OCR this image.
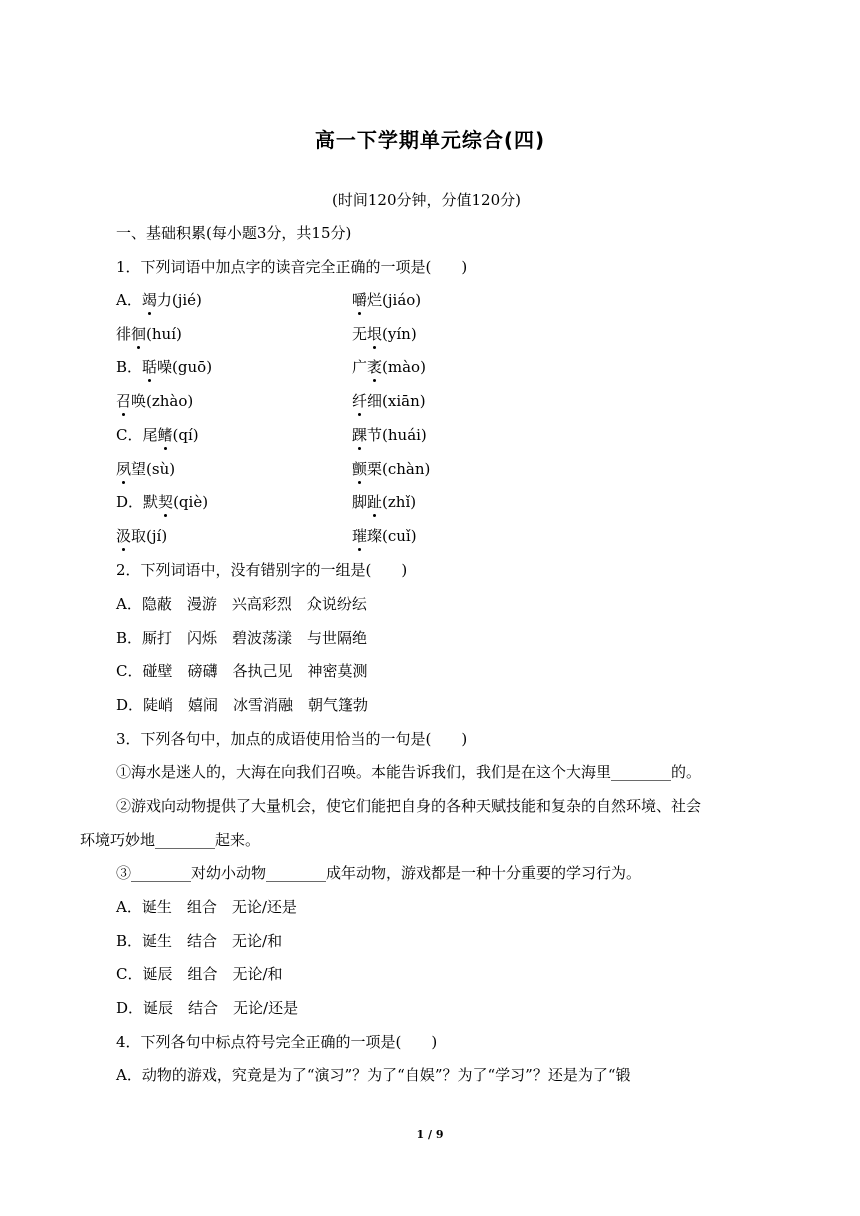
高一下学期单元综合(四)
(时间120分钟，分值120分)
一、基础积累(每小题3分，共15分)
1．下列词语中加点字的读音完全正确的一项是(　　)
A．竭力(jié)	嚼烂(jiáo)
徘徊(huí)	无垠(yín)
B．聒噪(guō)	广袤(mào)
召唤(zhào)	纤细(xiān)
C．尾鳍(qí)	踝节(huái)
夙望(sù)	颤栗(chàn)
D．默契(qiè)	脚趾(zhǐ)
汲取(jí)	璀璨(cuǐ)
2．下列词语中，没有错别字的一组是(　　)
A．隐蔽　漫游　兴高彩烈　众说纷纭
B．厮打　闪烁　碧波荡漾　与世隔绝
C．碰壁　磅礴　各执己见　神密莫测
D．陡峭　嬉闹　冰雪消融　朝气篷勃
3．下列各句中，加点的成语使用恰当的一句是(　　)
①海水是迷人的，大海在向我们召唤。本能告诉我们，我们是在这个大海里________的。
②游戏向动物提供了大量机会，使它们能把自身的各种天赋技能和复杂的自然环境、社会
环境巧妙地________起来。
③________对幼小动物________成年动物，游戏都是一种十分重要的学习行为。
A．诞生　组合　无论/还是
B．诞生　结合　无论/和
C．诞辰　组合　无论/和
D．诞辰　结合　无论/还是
4．下列各句中标点符号完全正确的一项是(　　)
A．动物的游戏，究竟是为了“演习”？为了“自娱”？为了“学习”？还是为了“锻
1 / 9
